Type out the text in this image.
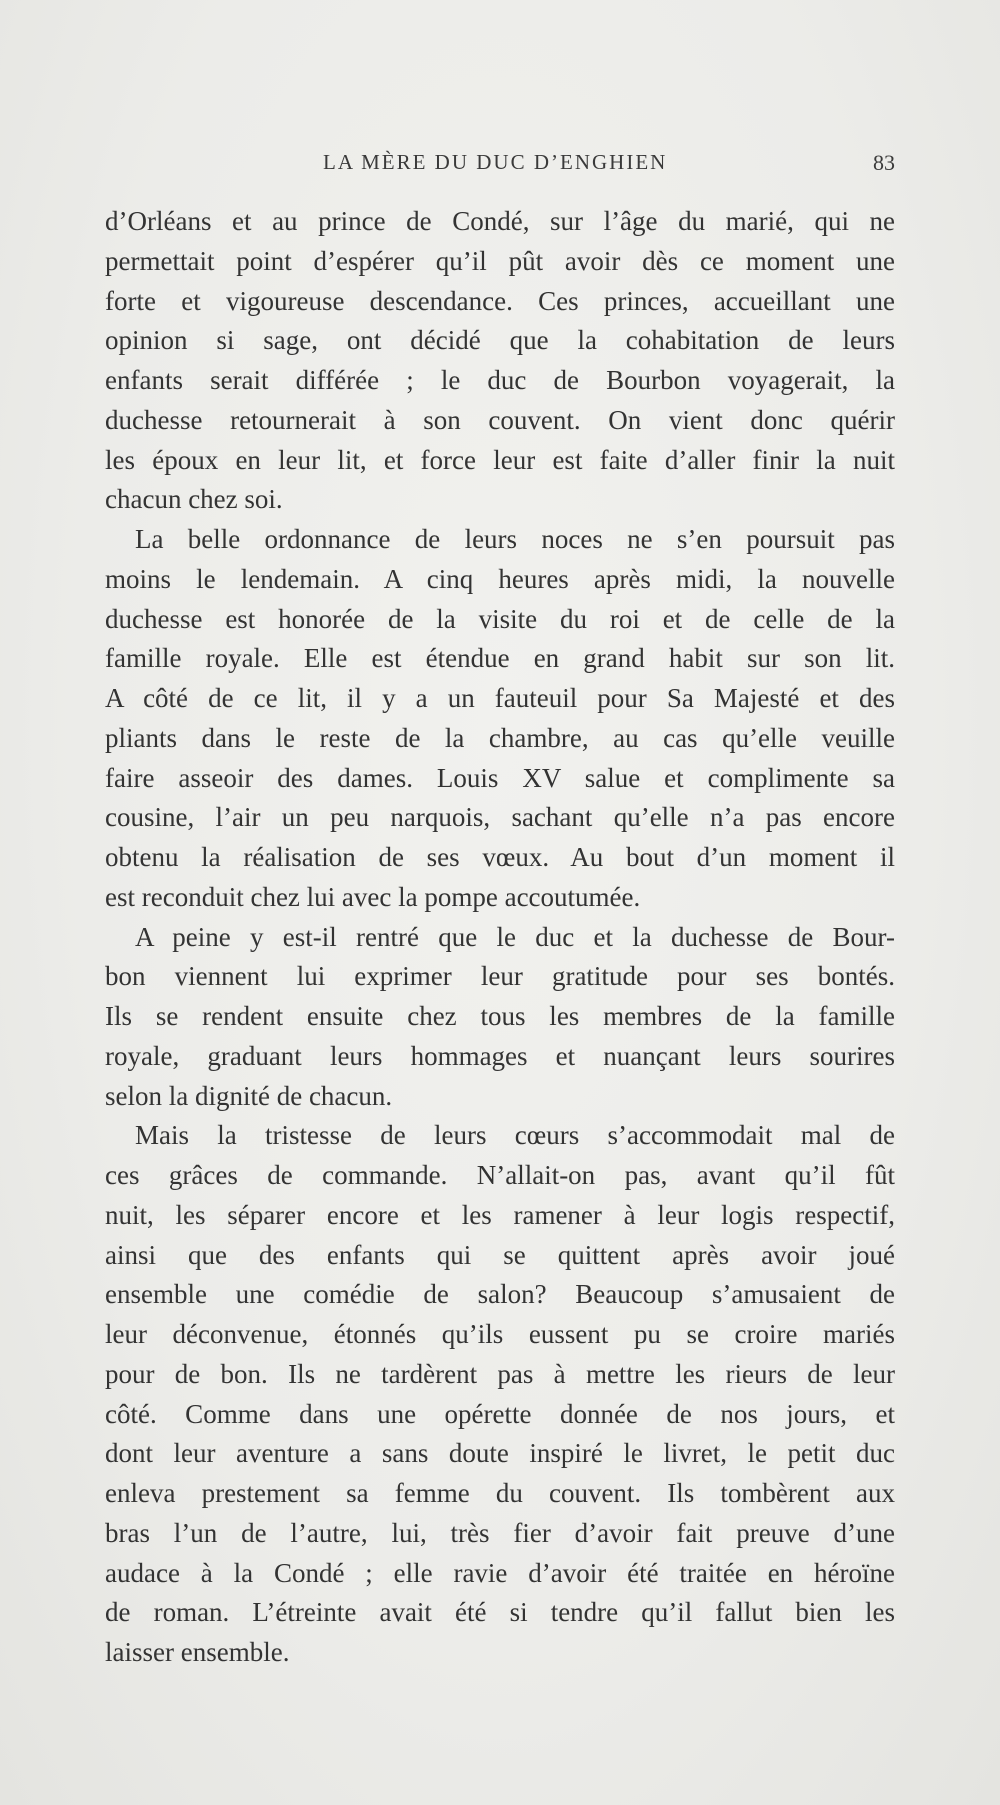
LA MÈRE DU DUC D’ENGHIEN	83
d’Orléans et au prince de Condé, sur l’âge du marié, qui ne
permettait point d’espérer qu’il pût avoir dès ce moment une
forte et vigoureuse descendance. Ces princes, accueillant une
opinion si sage, ont décidé que la cohabitation de leurs
enfants serait différée ; le duc de Bourbon voyagerait, la
duchesse retournerait à son couvent. On vient donc quérir
les époux en leur lit, et force leur est faite d’aller finir la nuit
chacun chez soi.
La belle ordonnance de leurs noces ne s’en poursuit pas
moins le lendemain. A cinq heures après midi, la nouvelle
duchesse est honorée de la visite du roi et de celle de la
famille royale. Elle est étendue en grand habit sur son lit.
A côté de ce lit, il y a un fauteuil pour Sa Majesté et des
pliants dans le reste de la chambre, au cas qu’elle veuille
faire asseoir des dames. Louis XV salue et complimente sa
cousine, l’air un peu narquois, sachant qu’elle n’a pas encore
obtenu la réalisation de ses vœux. Au bout d’un moment il
est reconduit chez lui avec la pompe accoutumée.
A peine y est-il rentré que le duc et la duchesse de Bour-
bon viennent lui exprimer leur gratitude pour ses bontés.
Ils se rendent ensuite chez tous les membres de la famille
royale, graduant leurs hommages et nuançant leurs sourires
selon la dignité de chacun.
Mais la tristesse de leurs cœurs s’accommodait mal de
ces grâces de commande. N’allait-on pas, avant qu’il fût
nuit, les séparer encore et les ramener à leur logis respectif,
ainsi que des enfants qui se quittent après avoir joué
ensemble une comédie de salon? Beaucoup s’amusaient de
leur déconvenue, étonnés qu’ils eussent pu se croire mariés
pour de bon. Ils ne tardèrent pas à mettre les rieurs de leur
côté. Comme dans une opérette donnée de nos jours, et
dont leur aventure a sans doute inspiré le livret, le petit duc
enleva prestement sa femme du couvent. Ils tombèrent aux
bras l’un de l’autre, lui, très fier d’avoir fait preuve d’une
audace à la Condé ; elle ravie d’avoir été traitée en héroïne
de roman. L’étreinte avait été si tendre qu’il fallut bien les
laisser ensemble.
